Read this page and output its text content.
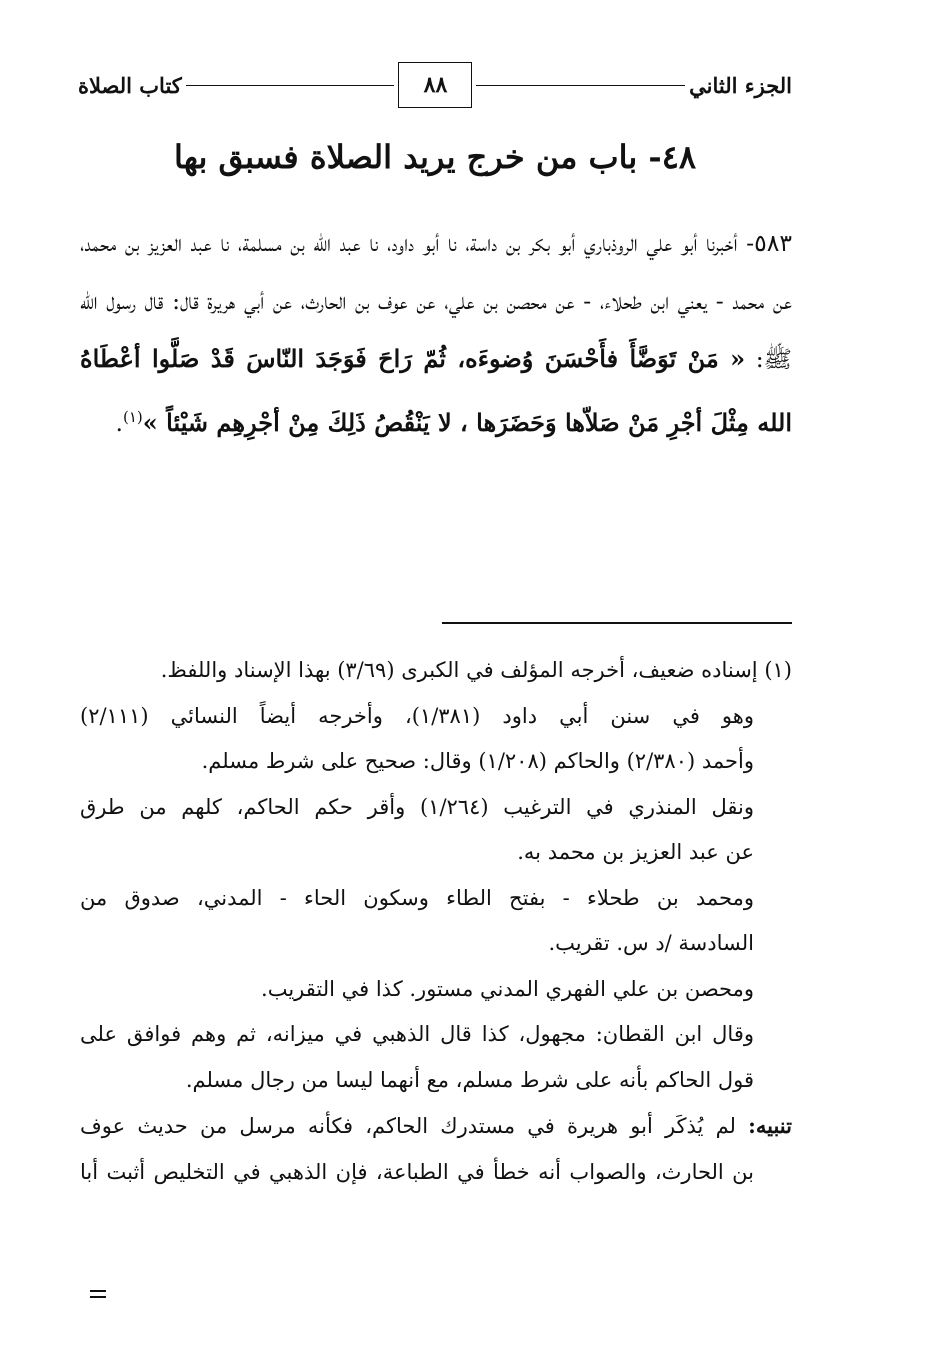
الجزء الثاني
٨٨
كتاب الصلاة
٤٨- باب من خرج يريد الصلاة فسبق بها
٥٨٣- أخبرنا أبو علي الروذباري أبو بكر بن داسة، نا أبو داود، نا عبد الله بن مسلمة، نا عبد العزيز بن محمد، عن محمد - يعني ابن طحلاء، - عن محصن بن علي، عن عوف بن الحارث، عن أبي هريرة قال: قال رسول الله ﷺ: « مَنْ تَوَضَّأَ فأَحْسَنَ وُضوءَه، ثُمّ رَاحَ فَوَجَدَ النّاسَ قَدْ صَلَّوا أعْطَاهُ الله مِثْلَ أجْرِ مَنْ صَلاّها وَحَضَرَها ، لا يَنْقُصُ ذَلِكَ مِنْ أجْرِهِم شَيْئاً »$^{(١)}$.
(١) إسناده ضعيف، أخرجه المؤلف في الكبرى (٣/٦٩) بهذا الإسناد واللفظ.
وهو في سنن أبي داود (١/٣٨١)، وأخرجه أيضاً النسائي (٢/١١١)
وأحمد (٢/٣٨٠) والحاكم (١/٢٠٨) وقال: صحيح على شرط مسلم.
ونقل المنذري في الترغيب (١/٢٦٤) وأقر حكم الحاكم، كلهم من طرق
عن عبد العزيز بن محمد به.
ومحمد بن طحلاء - بفتح الطاء وسكون الحاء - المدني، صدوق من
السادسة /د س. تقريب.
ومحصن بن علي الفهري المدني مستور. كذا في التقريب.
وقال ابن القطان: مجهول، كذا قال الذهبي في ميزانه، ثم وهم فوافق على
قول الحاكم بأنه على شرط مسلم، مع أنهما ليسا من رجال مسلم.
تنبيه: لم يُذكَر أبو هريرة في مستدرك الحاكم، فكأنه مرسل من حديث عوف
بن الحارث، والصواب أنه خطأ في الطباعة، فإن الذهبي في التخليص أثبت أبا
